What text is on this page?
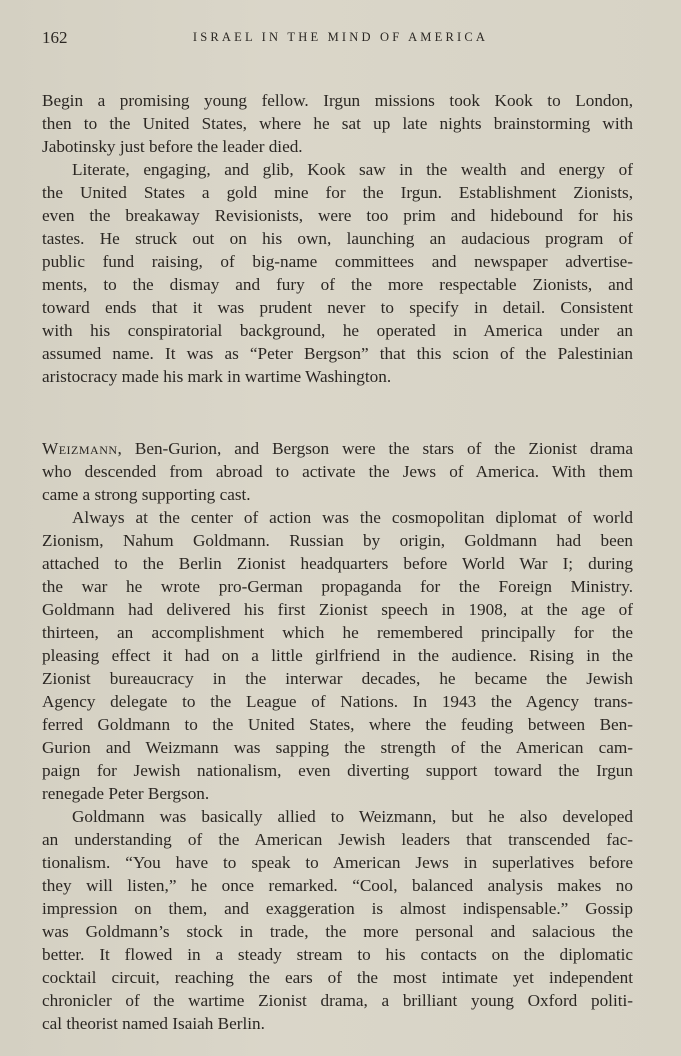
162	ISRAEL IN THE MIND OF AMERICA
Begin a promising young fellow. Irgun missions took Kook to London,
then to the United States, where he sat up late nights brainstorming with
Jabotinsky just before the leader died.
Literate, engaging, and glib, Kook saw in the wealth and energy of
the United States a gold mine for the Irgun. Establishment Zionists,
even the breakaway Revisionists, were too prim and hidebound for his
tastes. He struck out on his own, launching an audacious program of
public fund raising, of big-name committees and newspaper advertise-
ments, to the dismay and fury of the more respectable Zionists, and
toward ends that it was prudent never to specify in detail. Consistent
with his conspiratorial background, he operated in America under an
assumed name. It was as “Peter Bergson” that this scion of the Palestinian
aristocracy made his mark in wartime Washington.
Weizmann, Ben-Gurion, and Bergson were the stars of the Zionist drama
who descended from abroad to activate the Jews of America. With them
came a strong supporting cast.
Always at the center of action was the cosmopolitan diplomat of world
Zionism, Nahum Goldmann. Russian by origin, Goldmann had been
attached to the Berlin Zionist headquarters before World War I; during
the war he wrote pro-German propaganda for the Foreign Ministry.
Goldmann had delivered his first Zionist speech in 1908, at the age of
thirteen, an accomplishment which he remembered principally for the
pleasing effect it had on a little girlfriend in the audience. Rising in the
Zionist bureaucracy in the interwar decades, he became the Jewish
Agency delegate to the League of Nations. In 1943 the Agency trans-
ferred Goldmann to the United States, where the feuding between Ben-
Gurion and Weizmann was sapping the strength of the American cam-
paign for Jewish nationalism, even diverting support toward the Irgun
renegade Peter Bergson.
Goldmann was basically allied to Weizmann, but he also developed
an understanding of the American Jewish leaders that transcended fac-
tionalism. “You have to speak to American Jews in superlatives before
they will listen,” he once remarked. “Cool, balanced analysis makes no
impression on them, and exaggeration is almost indispensable.” Gossip
was Goldmann’s stock in trade, the more personal and salacious the
better. It flowed in a steady stream to his contacts on the diplomatic
cocktail circuit, reaching the ears of the most intimate yet independent
chronicler of the wartime Zionist drama, a brilliant young Oxford politi-
cal theorist named Isaiah Berlin.
